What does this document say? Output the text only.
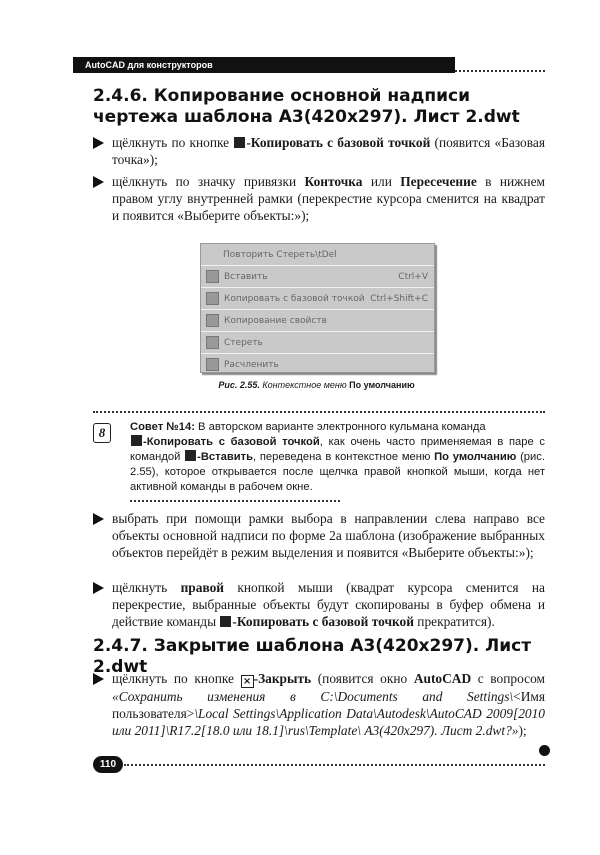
AutoCAD для конструкторов
2.4.6. Копирование основной надписи чертежа шаблона А3(420x297). Лист 2.dwt
щёлкнуть по кнопке -Копировать с базовой точкой (появится «Базовая точка»);
щёлкнуть по значку привязки Конточка или Пересечение в нижнем правом углу внутренней рамки (перекрестие курсора сменится на квадрат и появится «Выберите объекты:»);
Повторить Стереть\tDel
Вставить	Ctrl+V
Копировать с базовой точкой Ctrl+Shift+C
Копирование свойств
Стереть
Расчленить
Рис. 2.55. Контекстное меню По умолчанию
8	Совет №14: В авторском варианте электронного кульмана команда
-Копировать с базовой точкой, как очень часто применяемая в паре с командой -Вставить, переведена в контекстное меню По умолчанию (рис. 2.55), которое открывается после щелчка правой кнопкой мыши, когда нет активной команды в рабочем окне.
выбрать при помощи рамки выбора в направлении слева направо все объекты основной надписи по форме 2а шаблона (изображение выбранных объектов перейдёт в режим выделения и появится «Выберите объекты:»);
щёлкнуть правой кнопкой мыши (квадрат курсора сменится на перекрестие, выбранные объекты будут скопированы в буфер обмена и действие команды -Копировать с базовой точкой прекратится).
2.4.7. Закрытие шаблона А3(420x297). Лист 2.dwt
щёлкнуть по кнопке × -Закрыть (появится окно AutoCAD с вопросом «Сохранить изменения в C:\Documents and Settings\<Имя пользователя>\Local Settings\Application Data\Autodesk\AutoCAD 2009[2010 или 2011]\R17.2[18.0 или 18.1]\rus\Template\ А3(420x297). Лист 2.dwt?»);
110
